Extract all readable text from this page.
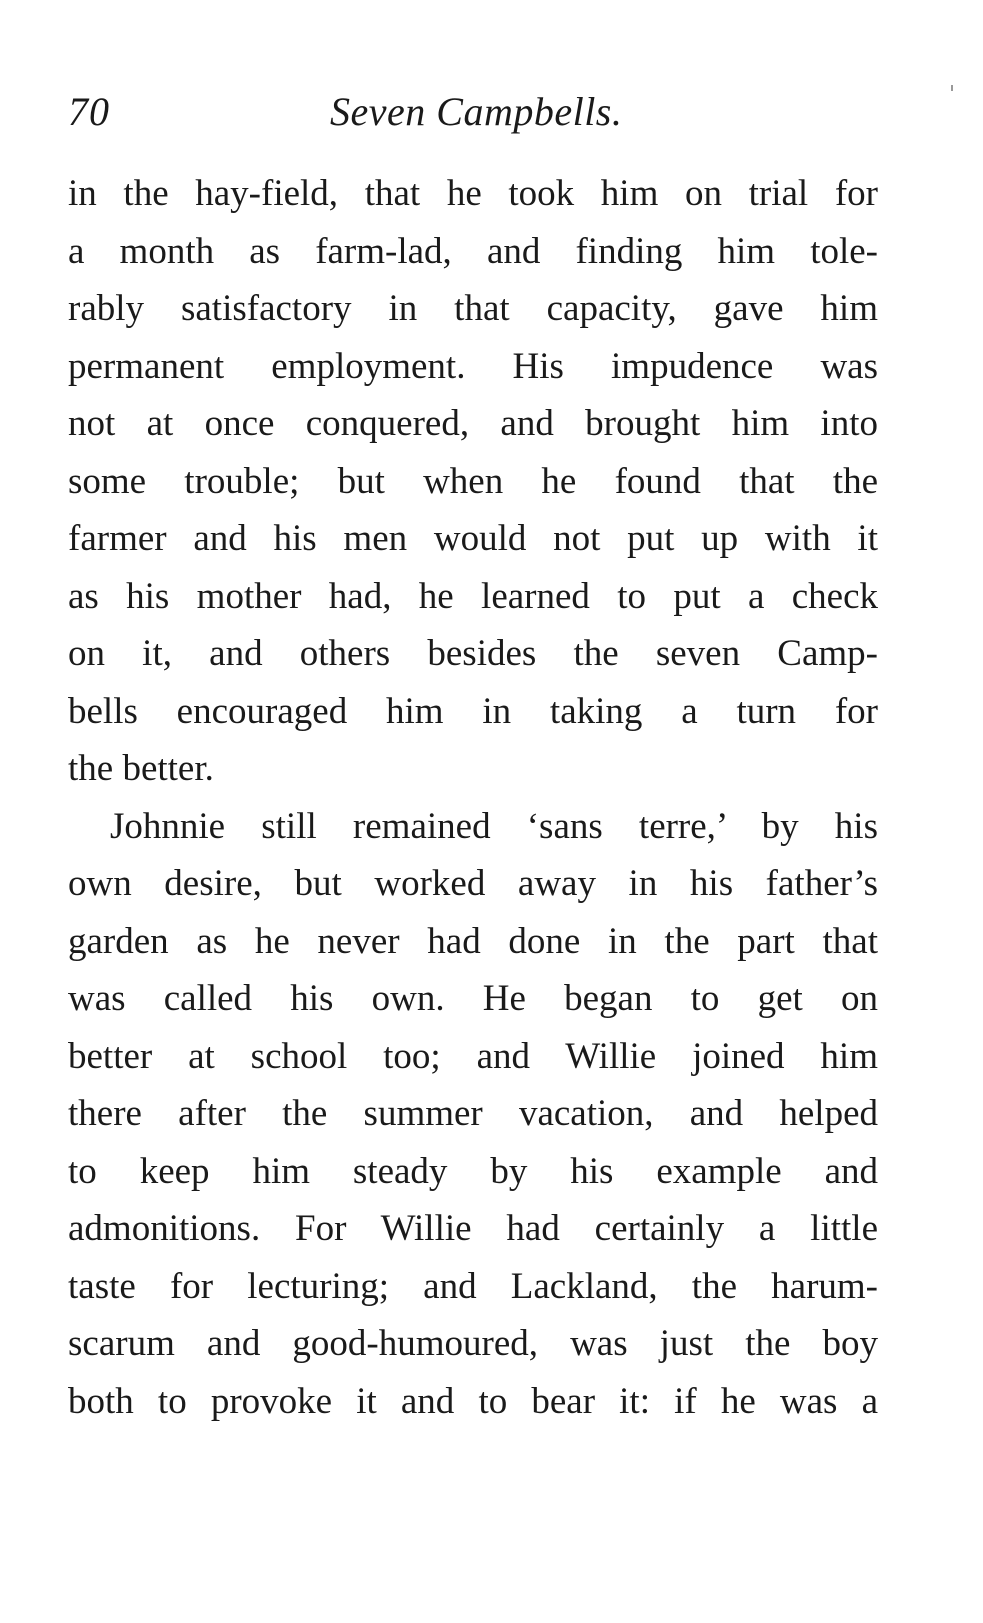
70	Seven Campbells.
in the hay-field, that he took him on trial for
a month as farm-lad, and finding him tole-
rably satisfactory in that capacity, gave him
permanent employment. His impudence was
not at once conquered, and brought him into
some trouble; but when he found that the
farmer and his men would not put up with it
as his mother had, he learned to put a check
on it, and others besides the seven Camp-
bells encouraged him in taking a turn for
the better.
Johnnie still remained ‘sans terre,’ by his
own desire, but worked away in his father’s
garden as he never had done in the part that
was called his own. He began to get on
better at school too; and Willie joined him
there after the summer vacation, and helped
to keep him steady by his example and
admonitions. For Willie had certainly a little
taste for lecturing; and Lackland, the harum-
scarum and good-humoured, was just the boy
both to provoke it and to bear it: if he was a
